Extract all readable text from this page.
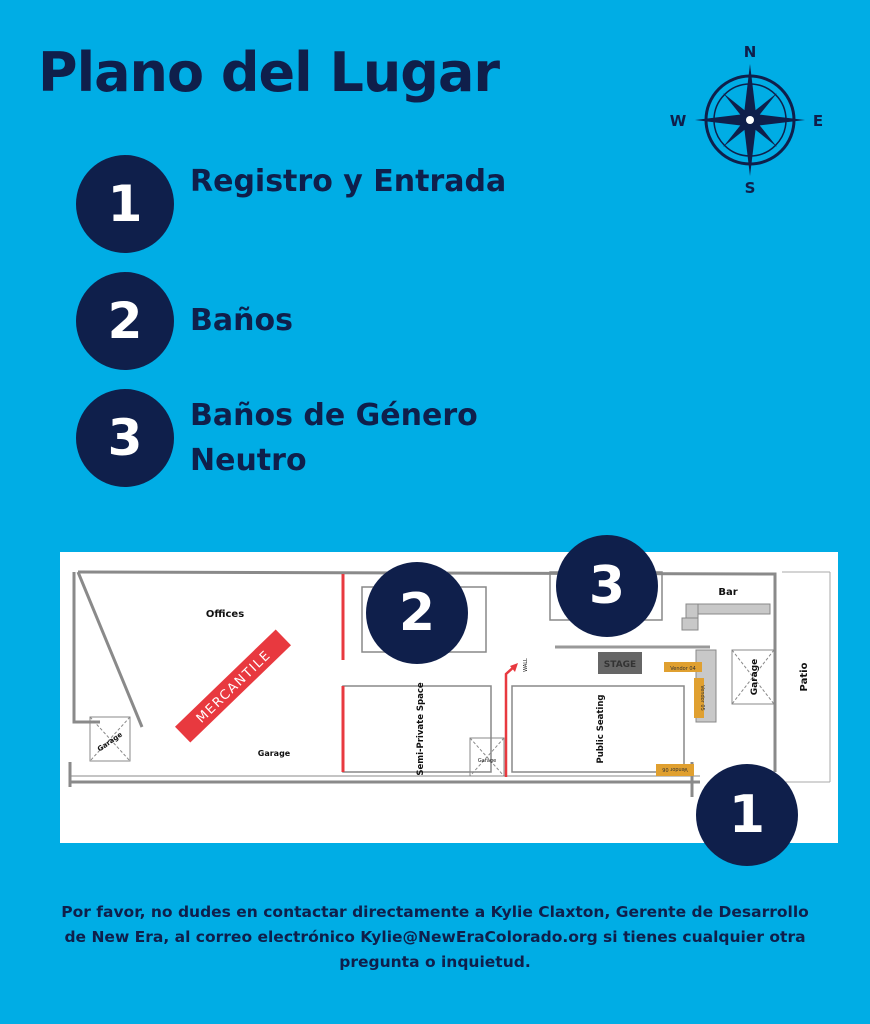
Plano del Lugar	N
S
W	E
1	Registro y Entrada
2	Baños
3	Baños de Género Neutro
STAGE	Vendor 04
Vendor 05
Vendor 06
MERCANTILE
Offices
Garage
Garage
Garage
Garage
Semi-Private Space	Public Seating
Bar
Patio
WALL
1
2	3
Por favor, no dudes en contactar directamente a Kylie Claxton, Gerente de Desarrollo de New Era, al correo electrónico Kylie@NewEraColorado.org si tienes cualquier otra pregunta o inquietud.
